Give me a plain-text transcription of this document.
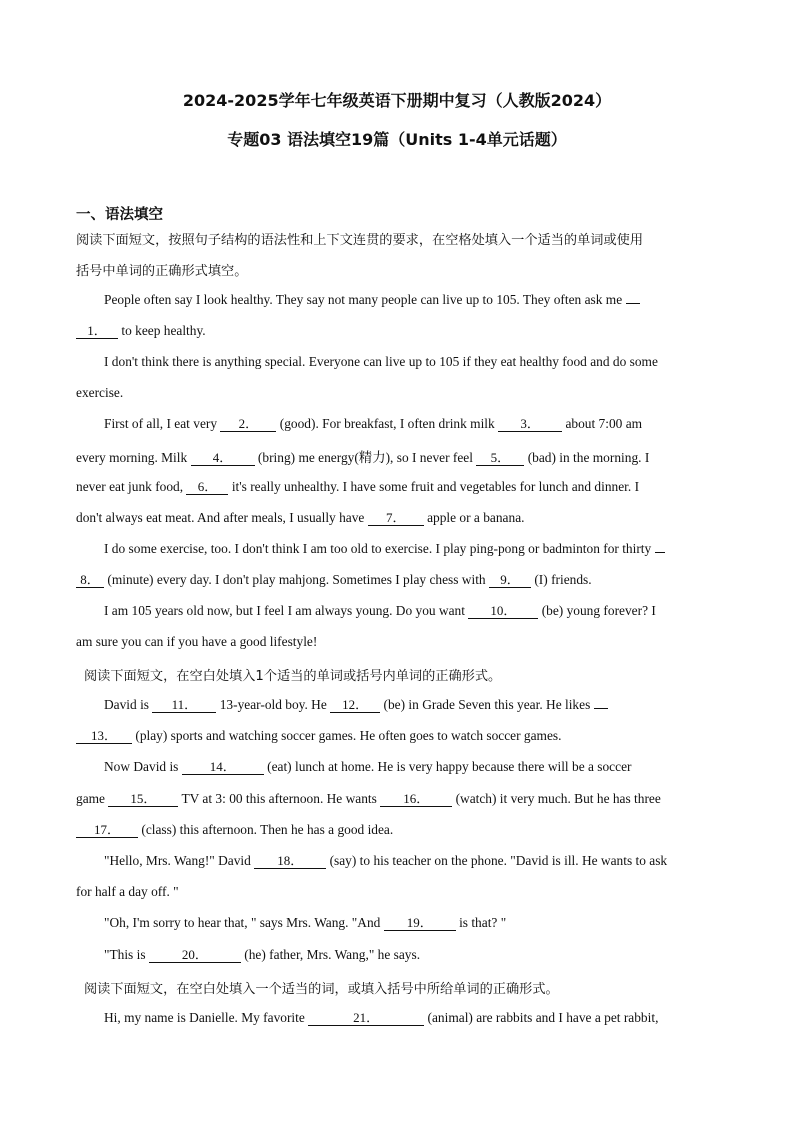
2024-2025学年七年级英语下册期中复习（人教版2024）
专题03 语法填空19篇（Units 1-4单元话题）
一、语法填空
阅读下面短文，按照句子结构的语法性和上下文连贯的要求，在空格处填入一个适当的单词或使用
括号中单词的正确形式填空。
People often say I look healthy. They say not many people can live up to 105. They often ask me
1． to keep healthy.
I don't think there is anything special. Everyone can live up to 105 if they eat healthy food and do some
exercise.
First of all, I eat very 2． (good). For breakfast, I often drink milk 3． about 7:00 am
every morning. Milk 4． (bring) me energy(精力), so I never feel 5． (bad) in the morning. I
never eat junk food, 6． it's really unhealthy. I have some fruit and vegetables for lunch and dinner. I
don't always eat meat. And after meals, I usually have 7． apple or a banana.
I do some exercise, too. I don't think I am too old to exercise. I play ping-pong or badminton for thirty
8． (minute) every day. I don't play mahjong. Sometimes I play chess with 9． (I) friends.
I am 105 years old now, but I feel I am always young. Do you want 10． (be) young forever? I
am sure you can if you have a good lifestyle!
阅读下面短文，在空白处填入1个适当的单词或括号内单词的正确形式。
David is 11． 13-year-old boy. He 12． (be) in Grade Seven this year. He likes
13． (play) sports and watching soccer games. He often goes to watch soccer games.
Now David is 14． (eat) lunch at home. He is very happy because there will be a soccer
game 15． TV at 3: 00 this afternoon. He wants 16． (watch) it very much. But he has three
17． (class) this afternoon. Then he has a good idea.
"Hello, Mrs. Wang!" David 18． (say) to his teacher on the phone. "David is ill. He wants to ask
for half a day off. "
"Oh, I'm sorry to hear that, " says Mrs. Wang. "And 19． is that? "
"This is	20．	(he) father, Mrs. Wang," he says.
阅读下面短文，在空白处填入一个适当的词，或填入括号中所给单词的正确形式。
Hi, my name is Danielle. My favorite	21．	(animal) are rabbits and I have a pet rabbit,
